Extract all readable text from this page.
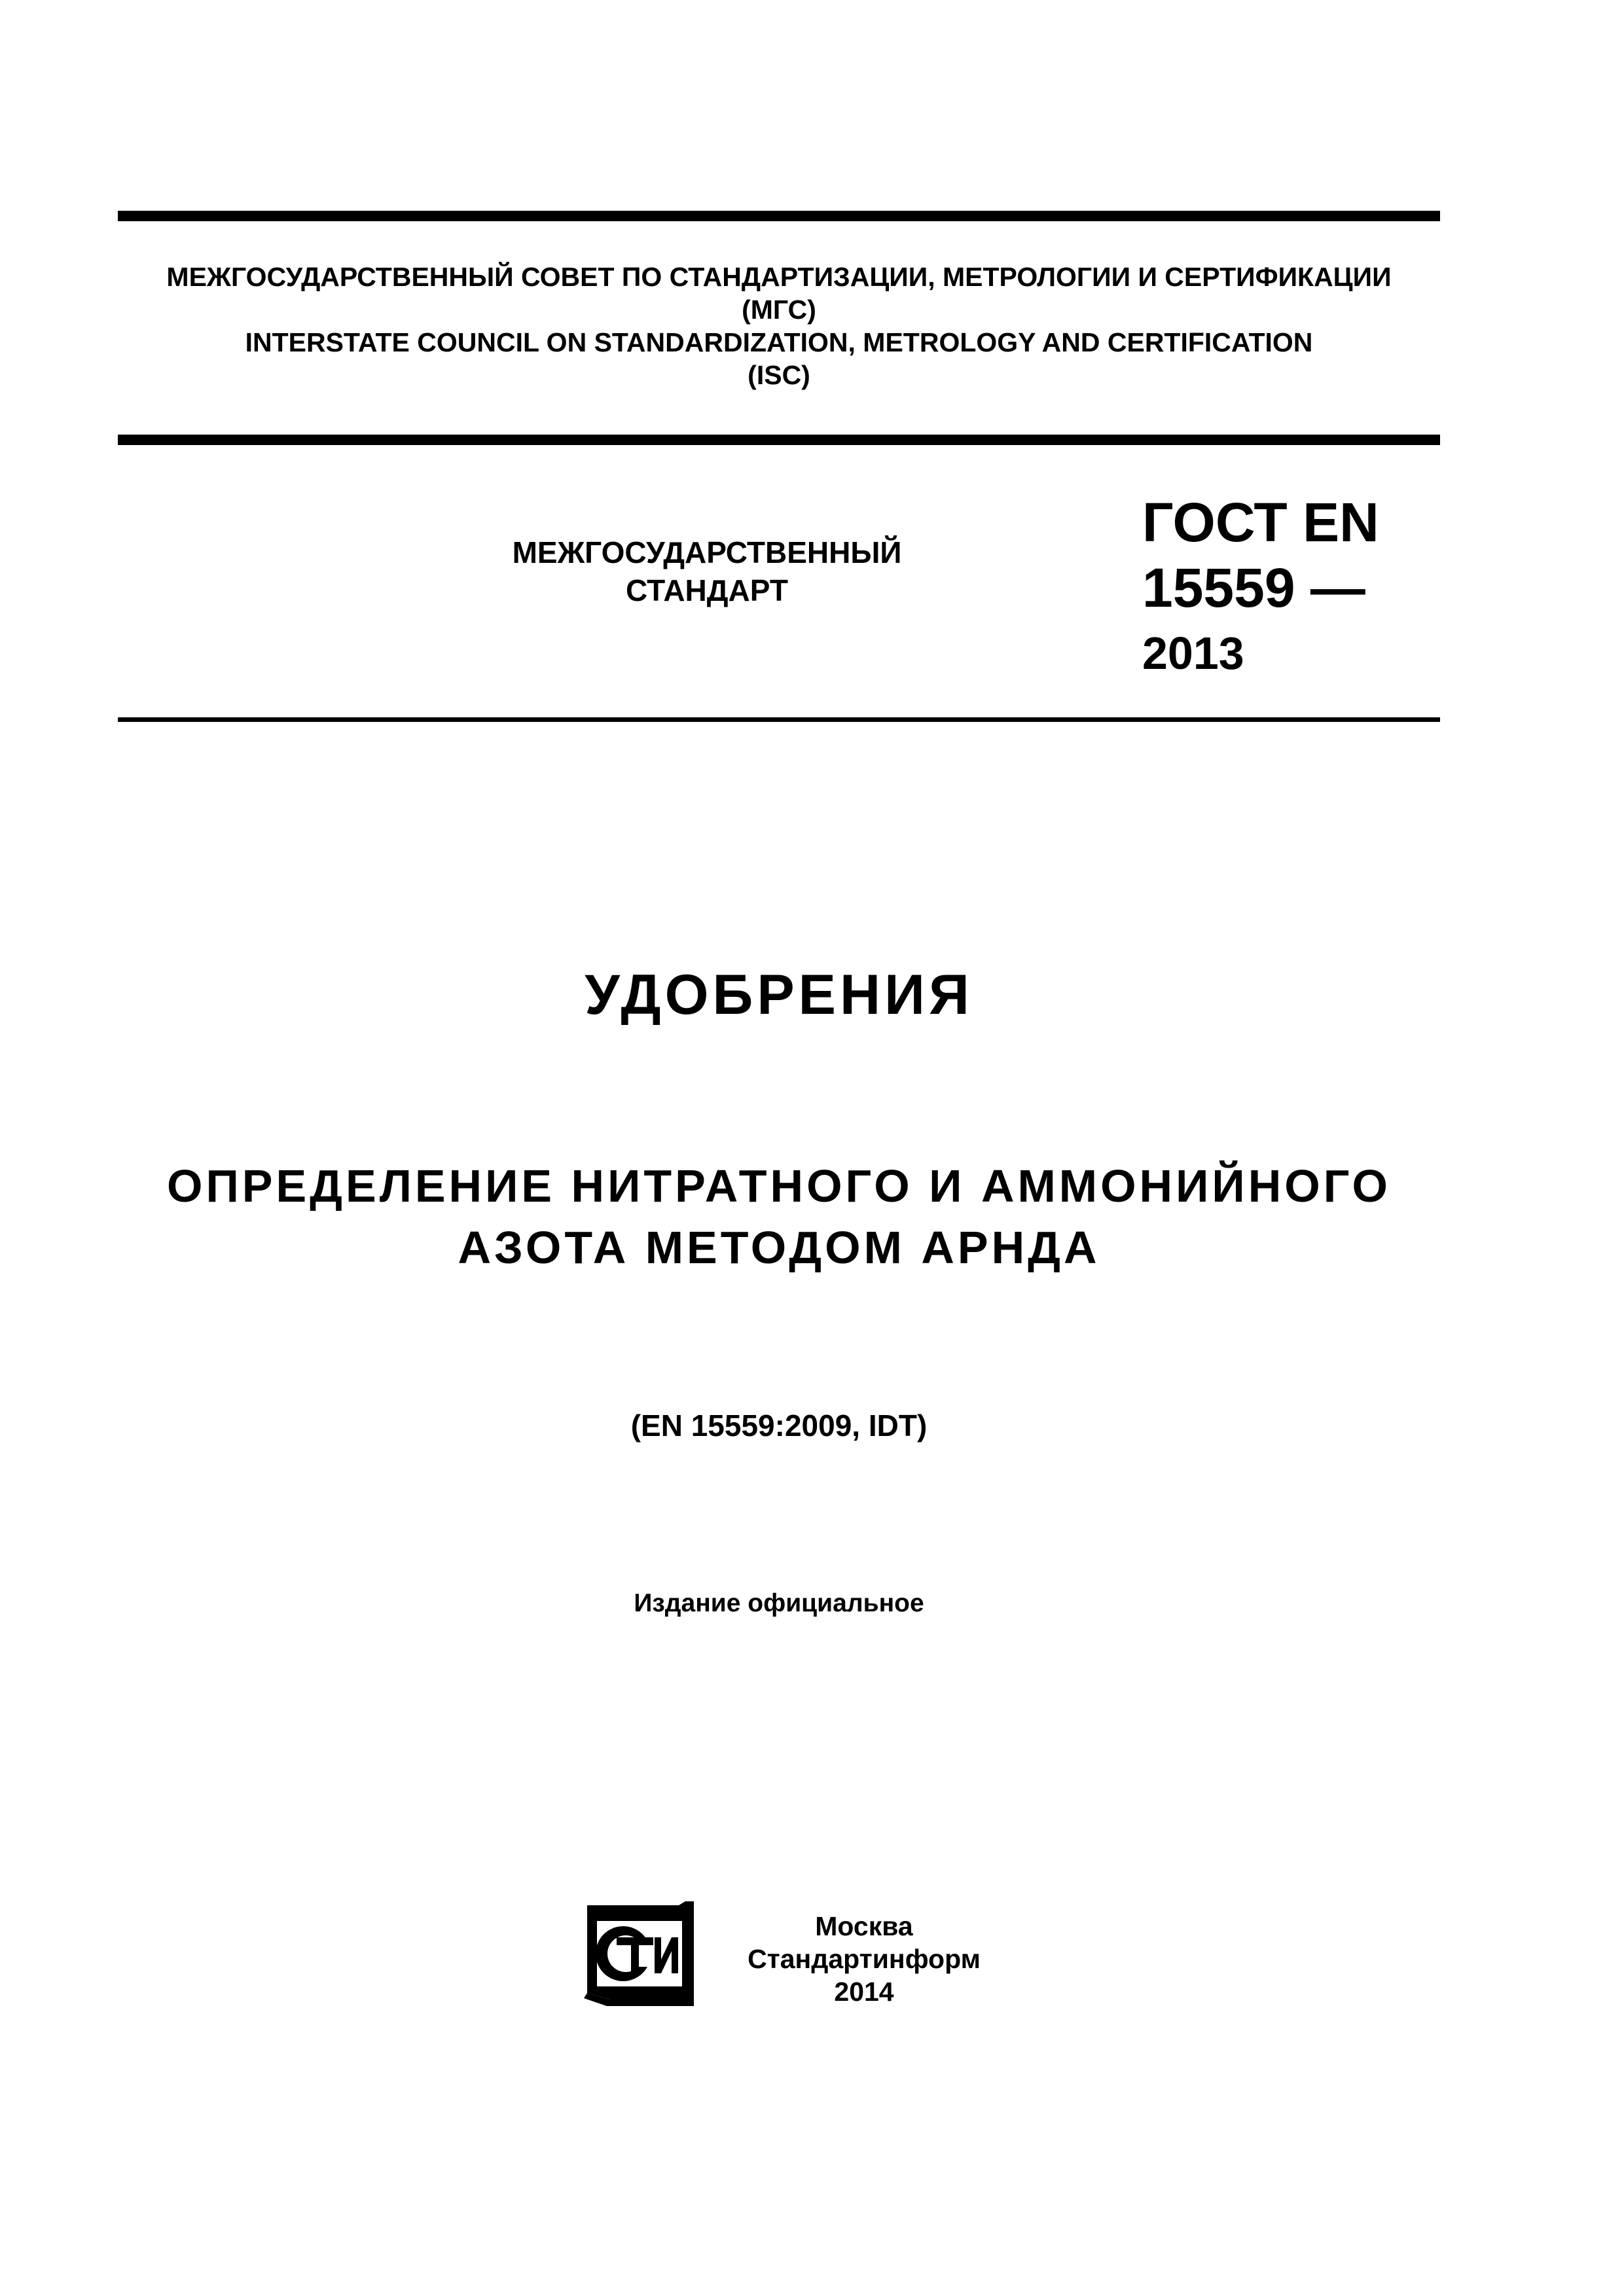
МЕЖГОСУДАРСТВЕННЫЙ СОВЕТ ПО СТАНДАРТИЗАЦИИ, МЕТРОЛОГИИ И СЕРТИФИКАЦИИ
(МГС)
INTERSTATE COUNCIL ON STANDARDIZATION, METROLOGY AND CERTIFICATION
(ISC)
МЕЖГОСУДАРСТВЕННЫЙ
СТАНДАРТ
ГОСТ EN
15559 —
2013
УДОБРЕНИЯ
ОПРЕДЕЛЕНИЕ НИТРАТНОГО И АММОНИЙНОГО
АЗОТА МЕТОДОМ АРНДА
(EN 15559:2009, IDT)
Издание официальное
Москва
Стандартинформ
2014
